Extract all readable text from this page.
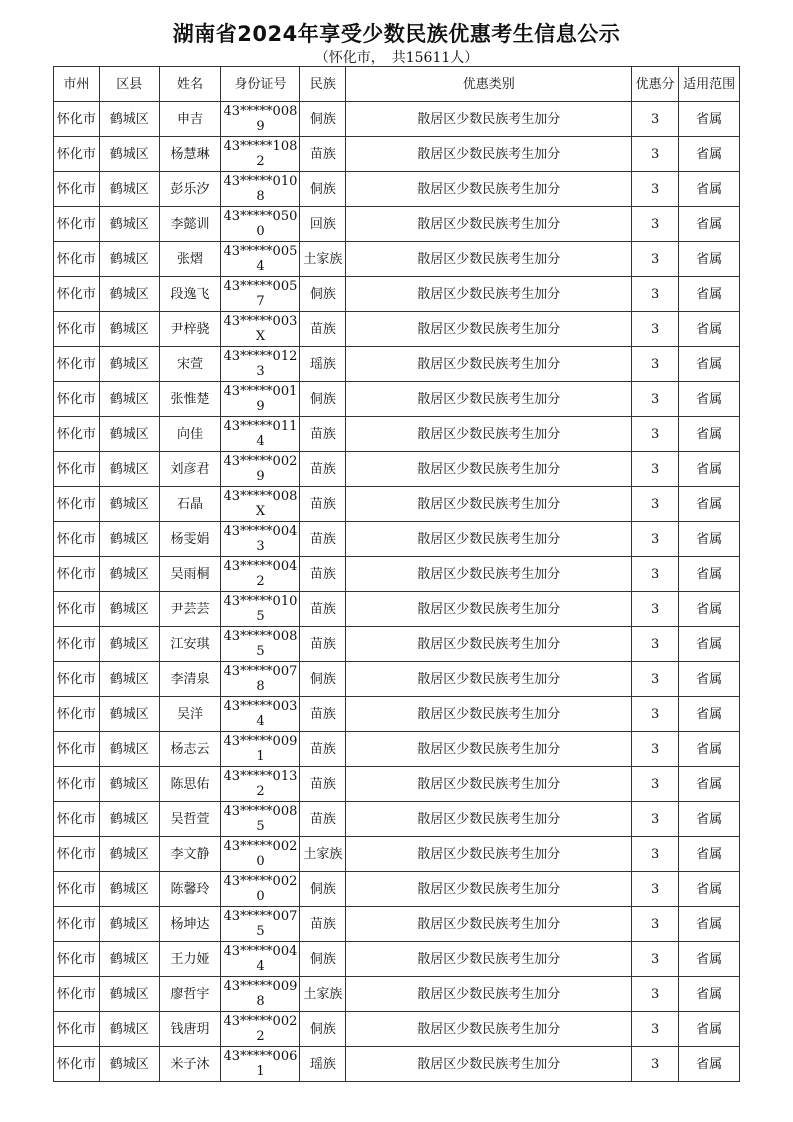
湖南省2024年享受少数民族优惠考生信息公示
（怀化市，　共15611人）
市州	区县	姓名	身份证号	民族	优惠类别	优惠分	适用范围
怀化市	鹤城区	申吉	43*****0089	侗族	散居区少数民族考生加分	3	省属
怀化市	鹤城区	杨慧琳	43*****1082	苗族	散居区少数民族考生加分	3	省属
怀化市	鹤城区	彭乐汐	43*****0108	侗族	散居区少数民族考生加分	3	省属
怀化市	鹤城区	李懿训	43*****0500	回族	散居区少数民族考生加分	3	省属
怀化市	鹤城区	张熠	43*****0054	土家族	散居区少数民族考生加分	3	省属
怀化市	鹤城区	段逸飞	43*****0057	侗族	散居区少数民族考生加分	3	省属
怀化市	鹤城区	尹梓骁	43*****003X	苗族	散居区少数民族考生加分	3	省属
怀化市	鹤城区	宋萱	43*****0123	瑶族	散居区少数民族考生加分	3	省属
怀化市	鹤城区	张惟楚	43*****0019	侗族	散居区少数民族考生加分	3	省属
怀化市	鹤城区	向佳	43*****0114	苗族	散居区少数民族考生加分	3	省属
怀化市	鹤城区	刘彦君	43*****0029	苗族	散居区少数民族考生加分	3	省属
怀化市	鹤城区	石晶	43*****008X	苗族	散居区少数民族考生加分	3	省属
怀化市	鹤城区	杨雯娟	43*****0043	苗族	散居区少数民族考生加分	3	省属
怀化市	鹤城区	吴雨桐	43*****0042	苗族	散居区少数民族考生加分	3	省属
怀化市	鹤城区	尹芸芸	43*****0105	苗族	散居区少数民族考生加分	3	省属
怀化市	鹤城区	江安琪	43*****0085	苗族	散居区少数民族考生加分	3	省属
怀化市	鹤城区	李清泉	43*****0078	侗族	散居区少数民族考生加分	3	省属
怀化市	鹤城区	吴洋	43*****0034	苗族	散居区少数民族考生加分	3	省属
怀化市	鹤城区	杨志云	43*****0091	苗族	散居区少数民族考生加分	3	省属
怀化市	鹤城区	陈思佑	43*****0132	苗族	散居区少数民族考生加分	3	省属
怀化市	鹤城区	吴哲萱	43*****0085	苗族	散居区少数民族考生加分	3	省属
怀化市	鹤城区	李文静	43*****0020	土家族	散居区少数民族考生加分	3	省属
怀化市	鹤城区	陈馨玲	43*****0020	侗族	散居区少数民族考生加分	3	省属
怀化市	鹤城区	杨坤达	43*****0075	苗族	散居区少数民族考生加分	3	省属
怀化市	鹤城区	王力娅	43*****0044	侗族	散居区少数民族考生加分	3	省属
怀化市	鹤城区	廖哲宇	43*****0098	土家族	散居区少数民族考生加分	3	省属
怀化市	鹤城区	钱唐玥	43*****0022	侗族	散居区少数民族考生加分	3	省属
怀化市	鹤城区	米子沐	43*****0061	瑶族	散居区少数民族考生加分	3	省属
